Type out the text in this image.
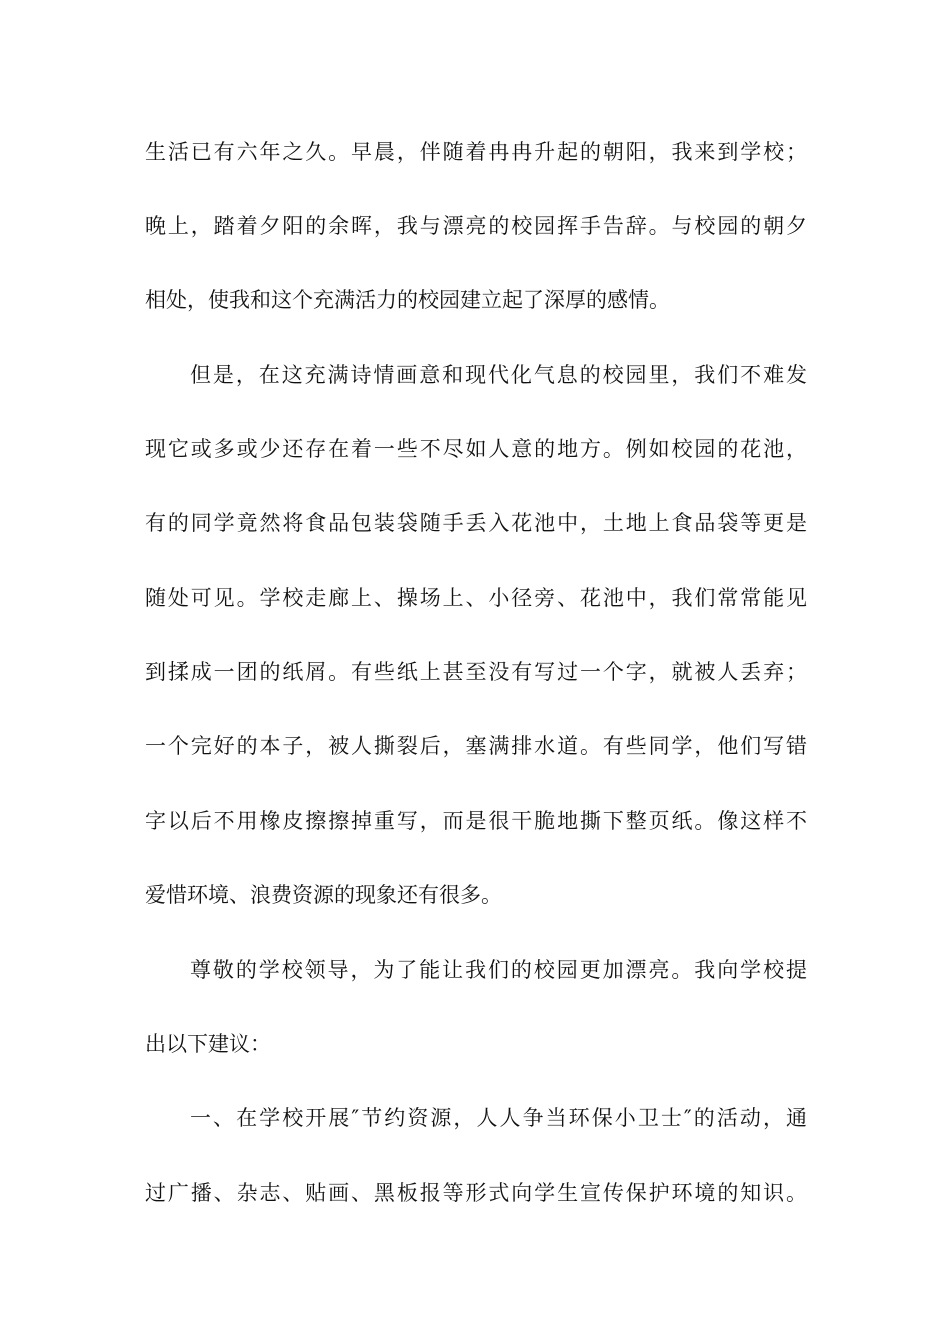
生活已有六年之久。早晨，伴随着冉冉升起的朝阳，我来到学校；
晚上，踏着夕阳的余晖，我与漂亮的校园挥手告辞。与校园的朝夕
相处，使我和这个充满活力的校园建立起了深厚的感情。
但是，在这充满诗情画意和现代化气息的校园里，我们不难发
现它或多或少还存在着一些不尽如人意的地方。例如校园的花池，
有的同学竟然将食品包装袋随手丢入花池中，土地上食品袋等更是
随处可见。学校走廊上、操场上、小径旁、花池中，我们常常能见
到揉成一团的纸屑。有些纸上甚至没有写过一个字，就被人丢弃；
一个完好的本子，被人撕裂后，塞满排水道。有些同学，他们写错
字以后不用橡皮擦擦掉重写，而是很干脆地撕下整页纸。像这样不
爱惜环境、浪费资源的现象还有很多。
尊敬的学校领导，为了能让我们的校园更加漂亮。我向学校提
出以下建议：
一、在学校开展″节约资源，人人争当环保小卫士″的活动，通
过广播、杂志、贴画、黑板报等形式向学生宣传保护环境的知识。
